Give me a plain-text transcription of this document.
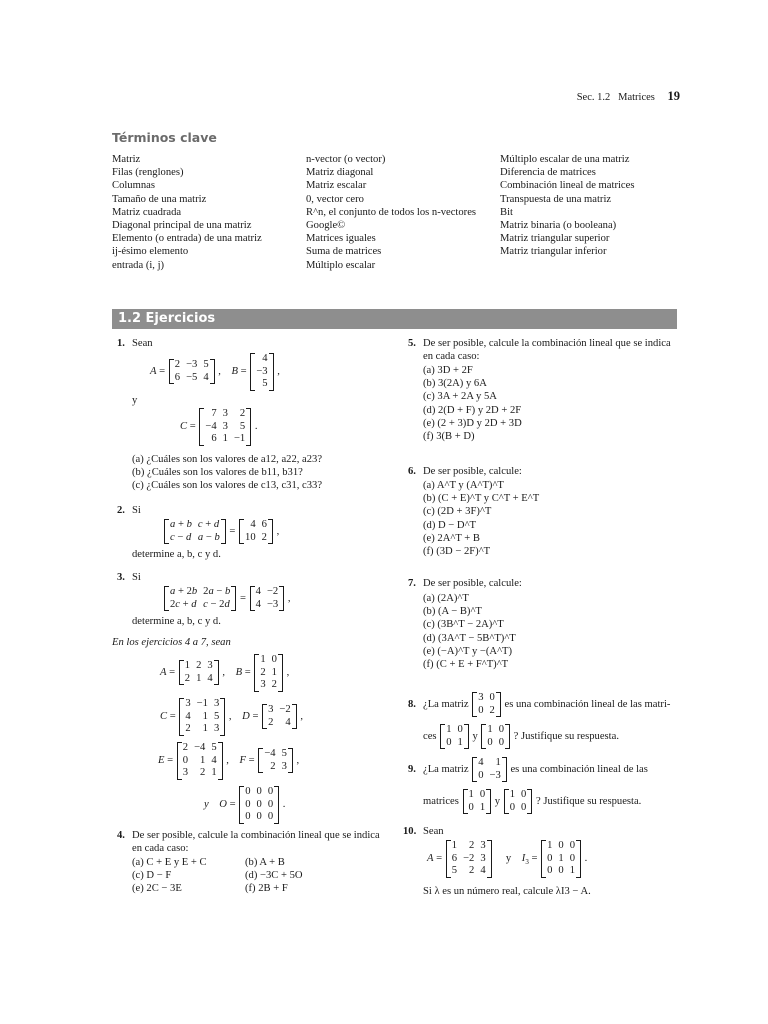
Sec. 1.2 Matrices 19
Términos clave
Matriz
Filas (renglones)
Columnas
Tamaño de una matriz
Matriz cuadrada
Diagonal principal de una matriz
Elemento (o entrada) de una matriz
ij-ésimo elemento
entrada (i, j)
n-vector (o vector)
Matriz diagonal
Matriz escalar
0, vector cero
R^n, el conjunto de todos los n-vectores
Google©
Matrices iguales
Suma de matrices
Múltiplo escalar
Múltiplo escalar de una matriz
Diferencia de matrices
Combinación lineal de matrices
Transpuesta de una matriz
Bit
Matriz binaria (o booleana)
Matriz triangular superior
Matriz triangular inferior
1.2 Ejercicios
1. Sean
A =
2	−3	5
6	−5	4
,    B =
4
−3
5
,
y
C =
7	3	2
−4	3	5
6	1	−1
.
(a) ¿Cuáles son los valores de a12, a22, a23?
(b) ¿Cuáles son los valores de b11, b31?
(c) ¿Cuáles son los valores de c13, c31, c33?
2. Si
a + b	c + d
c − d	a − b
=
4	6
10	2
,
determine a, b, c y d.
3. Si
a + 2b	2a − b
2c + d	c − 2d
=
4	−2
4	−3
,
determine a, b, c y d.
En los ejercicios 4 a 7, sean
A =
1	2	3
2	1	4
,    B =
1	0
2	1
3	2
,
C =
3	−1	3
4	1	5
2	1	3
,    D =
3	−2
2	4
,
E =
2	−4	5
0	1	4
3	2	1
,    F =
−4	5
2	3
,
y O =
0	0	0
0	0	0
0	0	0
.
4. De ser posible, calcule la combinación lineal que se indica
en cada caso:
(a) C + E y E + C	(b) A + B
(c) D − F	(d) −3C + 5O
(e) 2C − 3E	(f) 2B + F
5. De ser posible, calcule la combinación lineal que se indica
en cada caso:
(a) 3D + 2F
(b) 3(2A) y 6A
(c) 3A + 2A y 5A
(d) 2(D + F) y 2D + 2F
(e) (2 + 3)D y 2D + 3D
(f) 3(B + D)
6. De ser posible, calcule:
(a) A^T y (A^T)^T
(b) (C + E)^T y C^T + E^T
(c) (2D + 3F)^T
(d) D − D^T
(e) 2A^T + B
(f) (3D − 2F)^T
7. De ser posible, calcule:
(a) (2A)^T
(b) (A − B)^T
(c) (3B^T − 2A)^T
(d) (3A^T − 5B^T)^T
(e) (−A)^T y −(A^T)
(f) (C + E + F^T)^T
8. ¿La matriz
3	0
0	2
es una combinación lineal de las matri-
ces
1	0
0	1
y
1	0
0	0
? Justifique su respuesta.
9. ¿La matriz
4	1
0	−3
es una combinación lineal de las
matrices
1	0
0	1
y
1	0
0	0
? Justifique su respuesta.
10. Sean
A =
1	2	3
6	−2	3
5	2	4
y $I_3$ =
1	0	0
0	1	0
0	0	1
.
Si λ es un número real, calcule λI3 − A.
